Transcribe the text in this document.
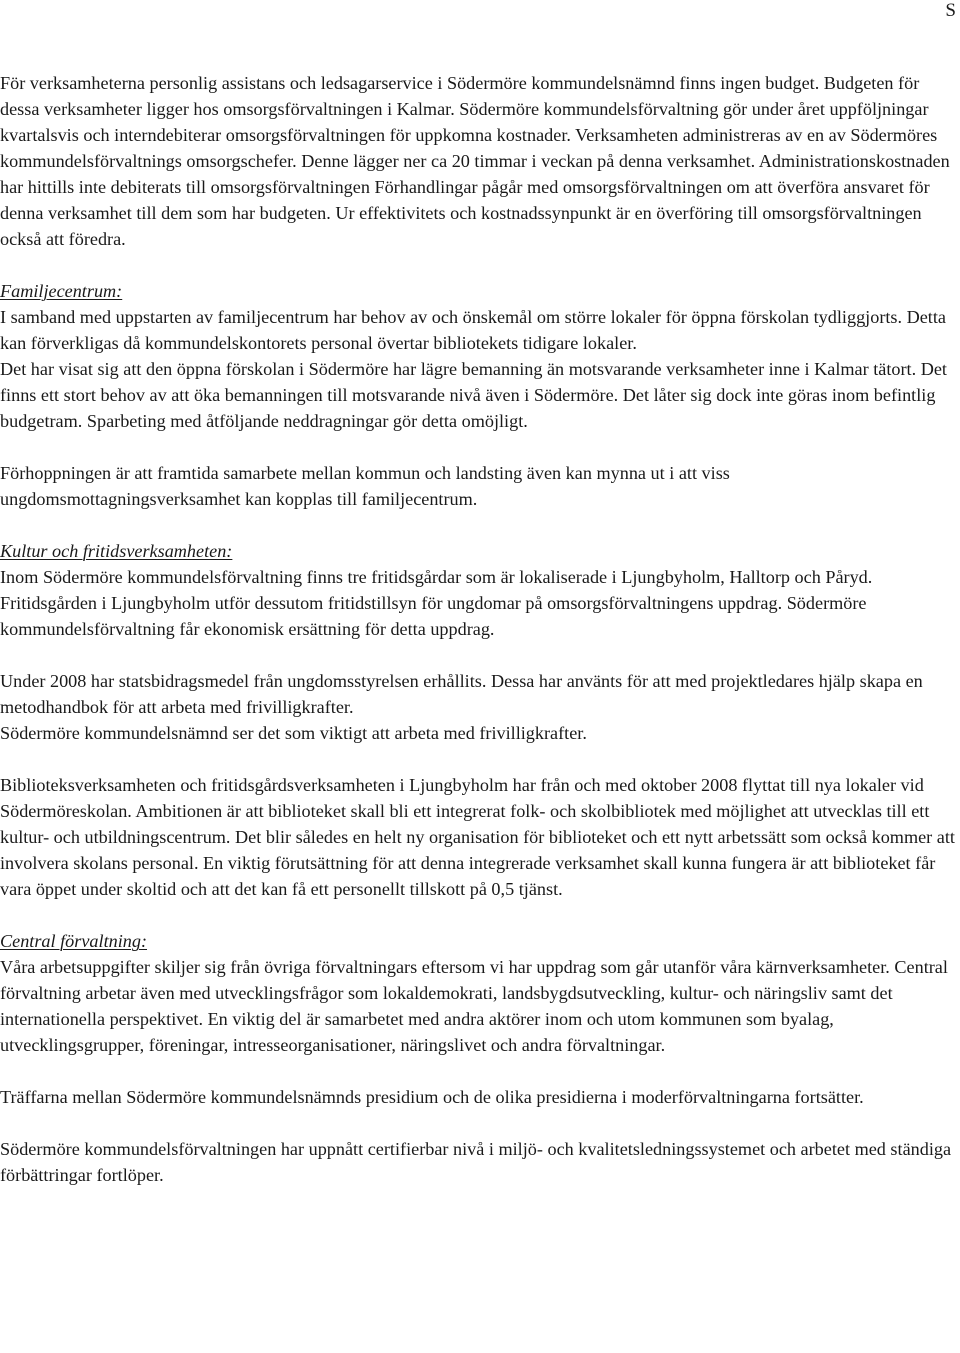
S

För verksamheterna personlig assistans och ledsagarservice i Södermöre kommundelsnämnd finns ingen budget. Budgeten för dessa verksamheter ligger hos omsorgsförvaltningen i Kalmar. Södermöre kommundelsförvaltning gör under året uppföljningar kvartalsvis och interndebiterar omsorgsförvaltningen för uppkomna kostnader. Verksamheten administreras av en av Södermöres kommundelsförvaltnings omsorgschefer. Denne lägger ner ca 20 timmar i veckan på denna verksamhet. Administrationskostnaden har hittills inte debiterats till omsorgsförvaltningen Förhandlingar pågår med omsorgsförvaltningen om att överföra ansvaret för denna verksamhet till dem som har budgeten. Ur effektivitets och kostnadssynpunkt är en överföring till omsorgsförvaltningen också att föredra.

Familjecentrum:

I samband med uppstarten av familjecentrum har behov av och önskemål om större lokaler för öppna förskolan tydliggjorts. Detta kan förverkligas då kommundelskontorets personal övertar bibliotekets tidigare lokaler.

Det har visat sig att den öppna förskolan i Södermöre har lägre bemanning än motsvarande verksamheter inne i Kalmar tätort. Det finns ett stort behov av att öka bemanningen till motsvarande nivå även i Södermöre. Det låter sig dock inte göras inom befintlig budgetram. Sparbeting med åtföljande neddragningar gör detta omöjligt.

Förhoppningen är att framtida samarbete mellan kommun och landsting även kan mynna ut i att viss ungdomsmottagningsverksamhet kan kopplas till familjecentrum.

Kultur och fritidsverksamheten:

Inom Södermöre kommundelsförvaltning finns tre fritidsgårdar som är lokaliserade i Ljungbyholm, Halltorp och Påryd.

Fritidsgården i Ljungbyholm utför dessutom fritidstillsyn för ungdomar på omsorgsförvaltningens uppdrag. Södermöre kommundelsförvaltning får ekonomisk ersättning för detta uppdrag.

Under 2008 har statsbidragsmedel från ungdomsstyrelsen erhållits. Dessa har använts för att med projektledares hjälp skapa en metodhandbok för att arbeta med frivilligkrafter.

Södermöre kommundelsnämnd ser det som viktigt att arbeta med frivilligkrafter.

Biblioteksverksamheten och fritidsgårdsverksamheten i Ljungbyholm har från och med oktober 2008 flyttat till nya lokaler vid Södermöreskolan. Ambitionen är att biblioteket skall bli ett integrerat folk- och skolbibliotek med möjlighet att utvecklas till ett kultur- och utbildningscentrum. Det blir således en helt ny organisation för biblioteket och ett nytt arbetssätt som också kommer att involvera skolans personal. En viktig förutsättning för att denna integrerade verksamhet skall kunna fungera är att biblioteket får vara öppet under skoltid och att det kan få ett personellt tillskott på 0,5 tjänst.

Central förvaltning:

Våra arbetsuppgifter skiljer sig från övriga förvaltningars eftersom vi har uppdrag som går utanför våra kärnverksamheter. Central förvaltning arbetar även med utvecklingsfrågor som lokaldemokrati, landsbygdsutveckling, kultur- och näringsliv samt det internationella perspektivet. En viktig del är samarbetet med andra aktörer inom och utom kommunen som byalag, utvecklingsgrupper, föreningar, intresseorganisationer, näringslivet och andra förvaltningar.

Träffarna mellan Södermöre kommundelsnämnds presidium och de olika presidierna i moderförvaltningarna fortsätter.

Södermöre kommundelsförvaltningen har uppnått certifierbar nivå i miljö- och kvalitetsledningssystemet och arbetet med ständiga förbättringar fortlöper.
